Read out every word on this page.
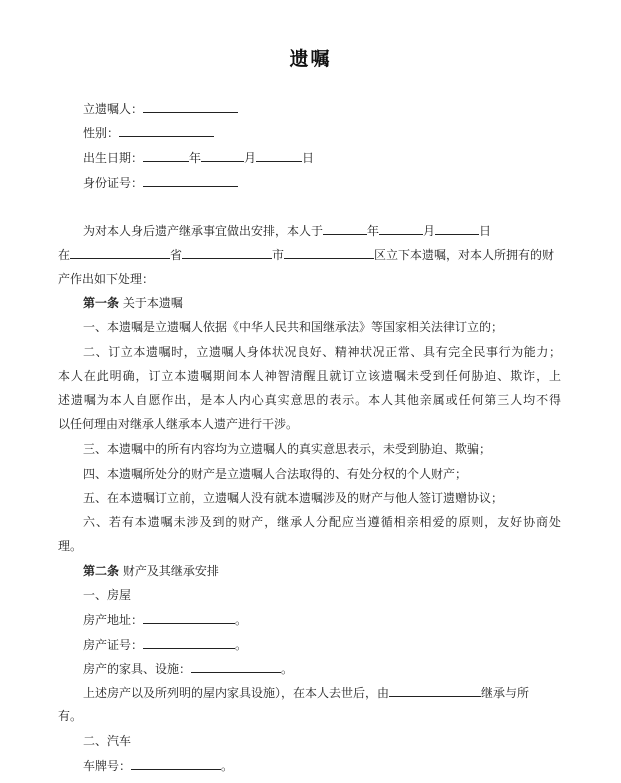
遗嘱
立遗嘱人：
性别：
出生日期：	年	月	日
身份证号：
为对本人身后遗产继承事宜做出安排，本人于	年	月	日
在	省	市	区立下本遗嘱，对本人所拥有的财
产作出如下处理：
第一条 关于本遗嘱
一、本遗嘱是立遗嘱人依据《中华人民共和国继承法》等国家相关法律订立的；
二、订立本遗嘱时，立遗嘱人身体状况良好、精神状况正常、具有完全民事行为能力；
本人在此明确，订立本遗嘱期间本人神智清醒且就订立该遗嘱未受到任何胁迫、欺诈，上
述遗嘱为本人自愿作出，是本人内心真实意思的表示。本人其他亲属或任何第三人均不得
以任何理由对继承人继承本人遗产进行干涉。
三、本遗嘱中的所有内容均为立遗嘱人的真实意思表示，未受到胁迫、欺骗；
四、本遗嘱所处分的财产是立遗嘱人合法取得的、有处分权的个人财产；
五、在本遗嘱订立前，立遗嘱人没有就本遗嘱涉及的财产与他人签订遗赠协议；
六、若有本遗嘱未涉及到的财产，继承人分配应当遵循相亲相爱的原则，友好协商处
理。
第二条 财产及其继承安排
一、房屋
房产地址：	。
房产证号：	。
房产的家具、设施：	。
上述房产以及所列明的屋内家具设施），在本人去世后，由	继承与所
有。
二、汽车
车牌号：	。
